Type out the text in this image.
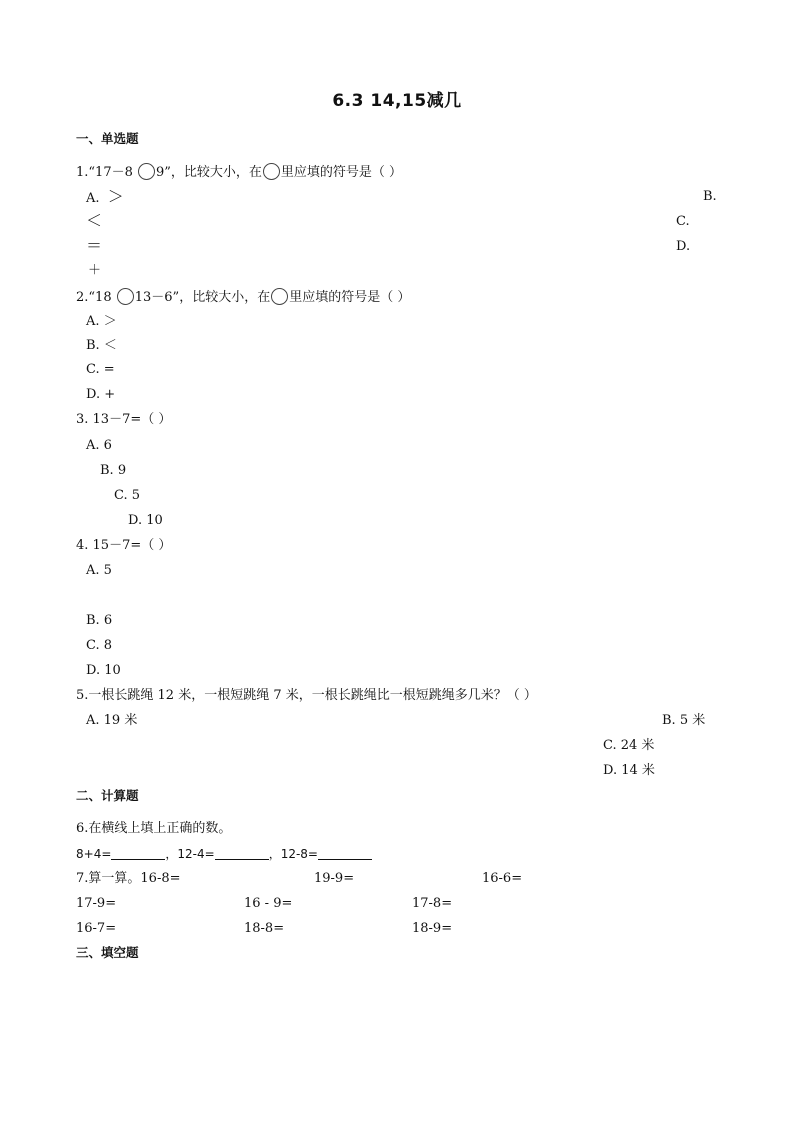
6.3 14,15减几
一、单选题
1.“17－8 9”，比较大小，在 里应填的符号是（ ）
A. ＞	B.
＜	C.
＝	D.
＋
2.“18 13－6”，比较大小，在 里应填的符号是（ ）
A. ＞
B. ＜
C. =
D. +
3. 13－7=（ ）
A. 6
B. 9
C. 5
D. 10
4. 15－7=（ ）
A. 5
B. 6
C. 8
D. 10
5.一根长跳绳 12 米，一根短跳绳 7 米，一根长跳绳比一根短跳绳多几米？（ ）
A. 19 米	B. 5 米
C. 24 米
D. 14 米
二、计算题
6.在横线上填上正确的数。
8+4=	，12-4=	，12-8=
7.算一算。16-8=	19-9=	16-6=
17-9=	16 - 9=	17-8=
16-7=	18-8=	18-9=
三、填空题
